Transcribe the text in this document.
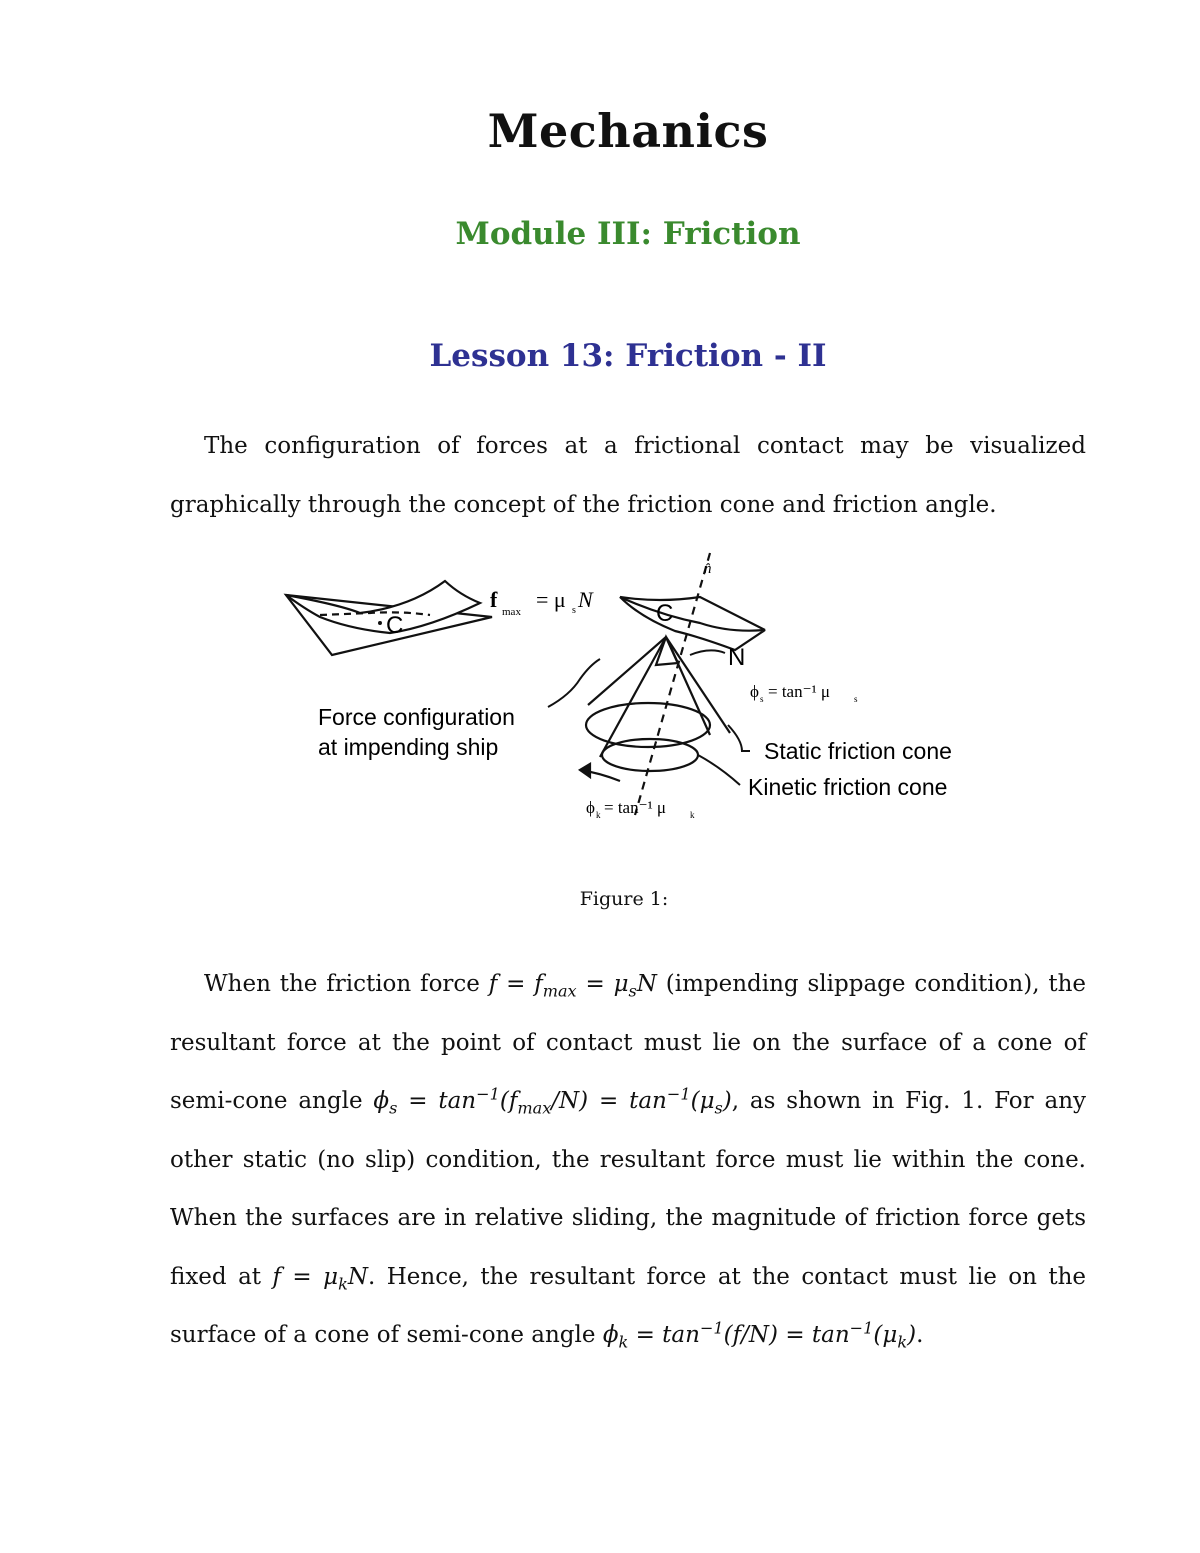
Mechanics
Module III: Friction
Lesson 13: Friction - II
The configuration of forces at a frictional contact may be visualized graphically through the concept of the friction cone and friction angle.
C
f max = μ s N
C
n̂
N
ϕ s = tan⁻¹ μ	s
Static friction cone
Kinetic friction cone
Force configuration
at impending ship
ϕ k = tan⁻¹ μ	k
Figure 1:
When the friction force $f = f_{max} = \mu_sN$ (impending slippage condition), the resultant force at the point of contact must lie on the surface of a cone of semi-cone angle $\phi_s = \tan^{-1}(f_{max}/N) = \tan^{-1}(\mu_s)$, as shown in Fig. 1. For any other static (no slip) condition, the resultant force must lie within the cone. When the surfaces are in relative sliding, the magnitude of friction force gets fixed at $f = \mu_kN$. Hence, the resultant force at the contact must lie on the surface of a cone of semi-cone angle $\phi_k = \tan^{-1}(f/N) = \tan^{-1}(\mu_k)$.
